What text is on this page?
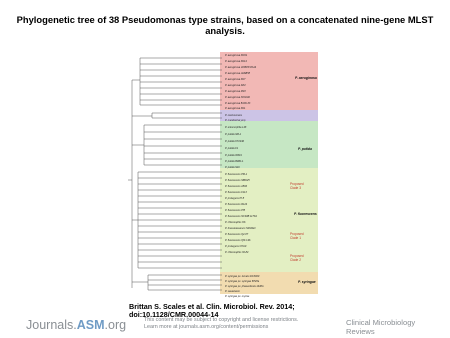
Phylogenetic tree of 38 Pseudomonas type strains, based on a concatenated nine-gene MLST analysis.
P. aeruginosa PAO1
P. aeruginosa PA14
P. aeruginosa UCBPP-PA14
P. aeruginosa LESB58
P. aeruginosa PA7
P. aeruginosa DK2
P. aeruginosa M18
P. aeruginosa NCGM2
P. aeruginosa B136-33
P. aeruginosa PA1
P. resinovorans
P. mendocina ymp
P. entomophila L48
P. putida GB-1
P. putida KT2440
P. putida F1
P. putida W619
P. putida BIRD-1
P. putida S16
P. fluorescens Pf0-1
P. fluorescens SBW25
P. fluorescens A506
P. fluorescens F113
P. protegens Pf-5
P. fluorescens R124
P. fluorescens Pf5
P. fluorescens NCIMB 11764
P. chlororaphis O6
P. brassicacearum NFM421
P. fluorescens Q2-87
P. fluorescens Q8r1-96
P. protegens CHA0
P. chlororaphis 30-84
P. syringae pv. tomato DC3000
P. syringae pv. syringae B728a
P. syringae pv. phaseolicola 1448A
P. savastanoi
P. syringae pv. oryzae
P. aeruginosa
P. putida
P. fluorescens
P. syringae
Proposed
Clade 3
Proposed
Clade 1
Proposed
Clade 2
Brittan S. Scales et al. Clin. Microbiol. Rev. 2014;
doi:10.1128/CMR.00044-14
Journals.ASM.org	This content may be subject to copyright and license restrictions.
Learn more at journals.asm.org/content/permissions	Clinical Microbiology
Reviews
